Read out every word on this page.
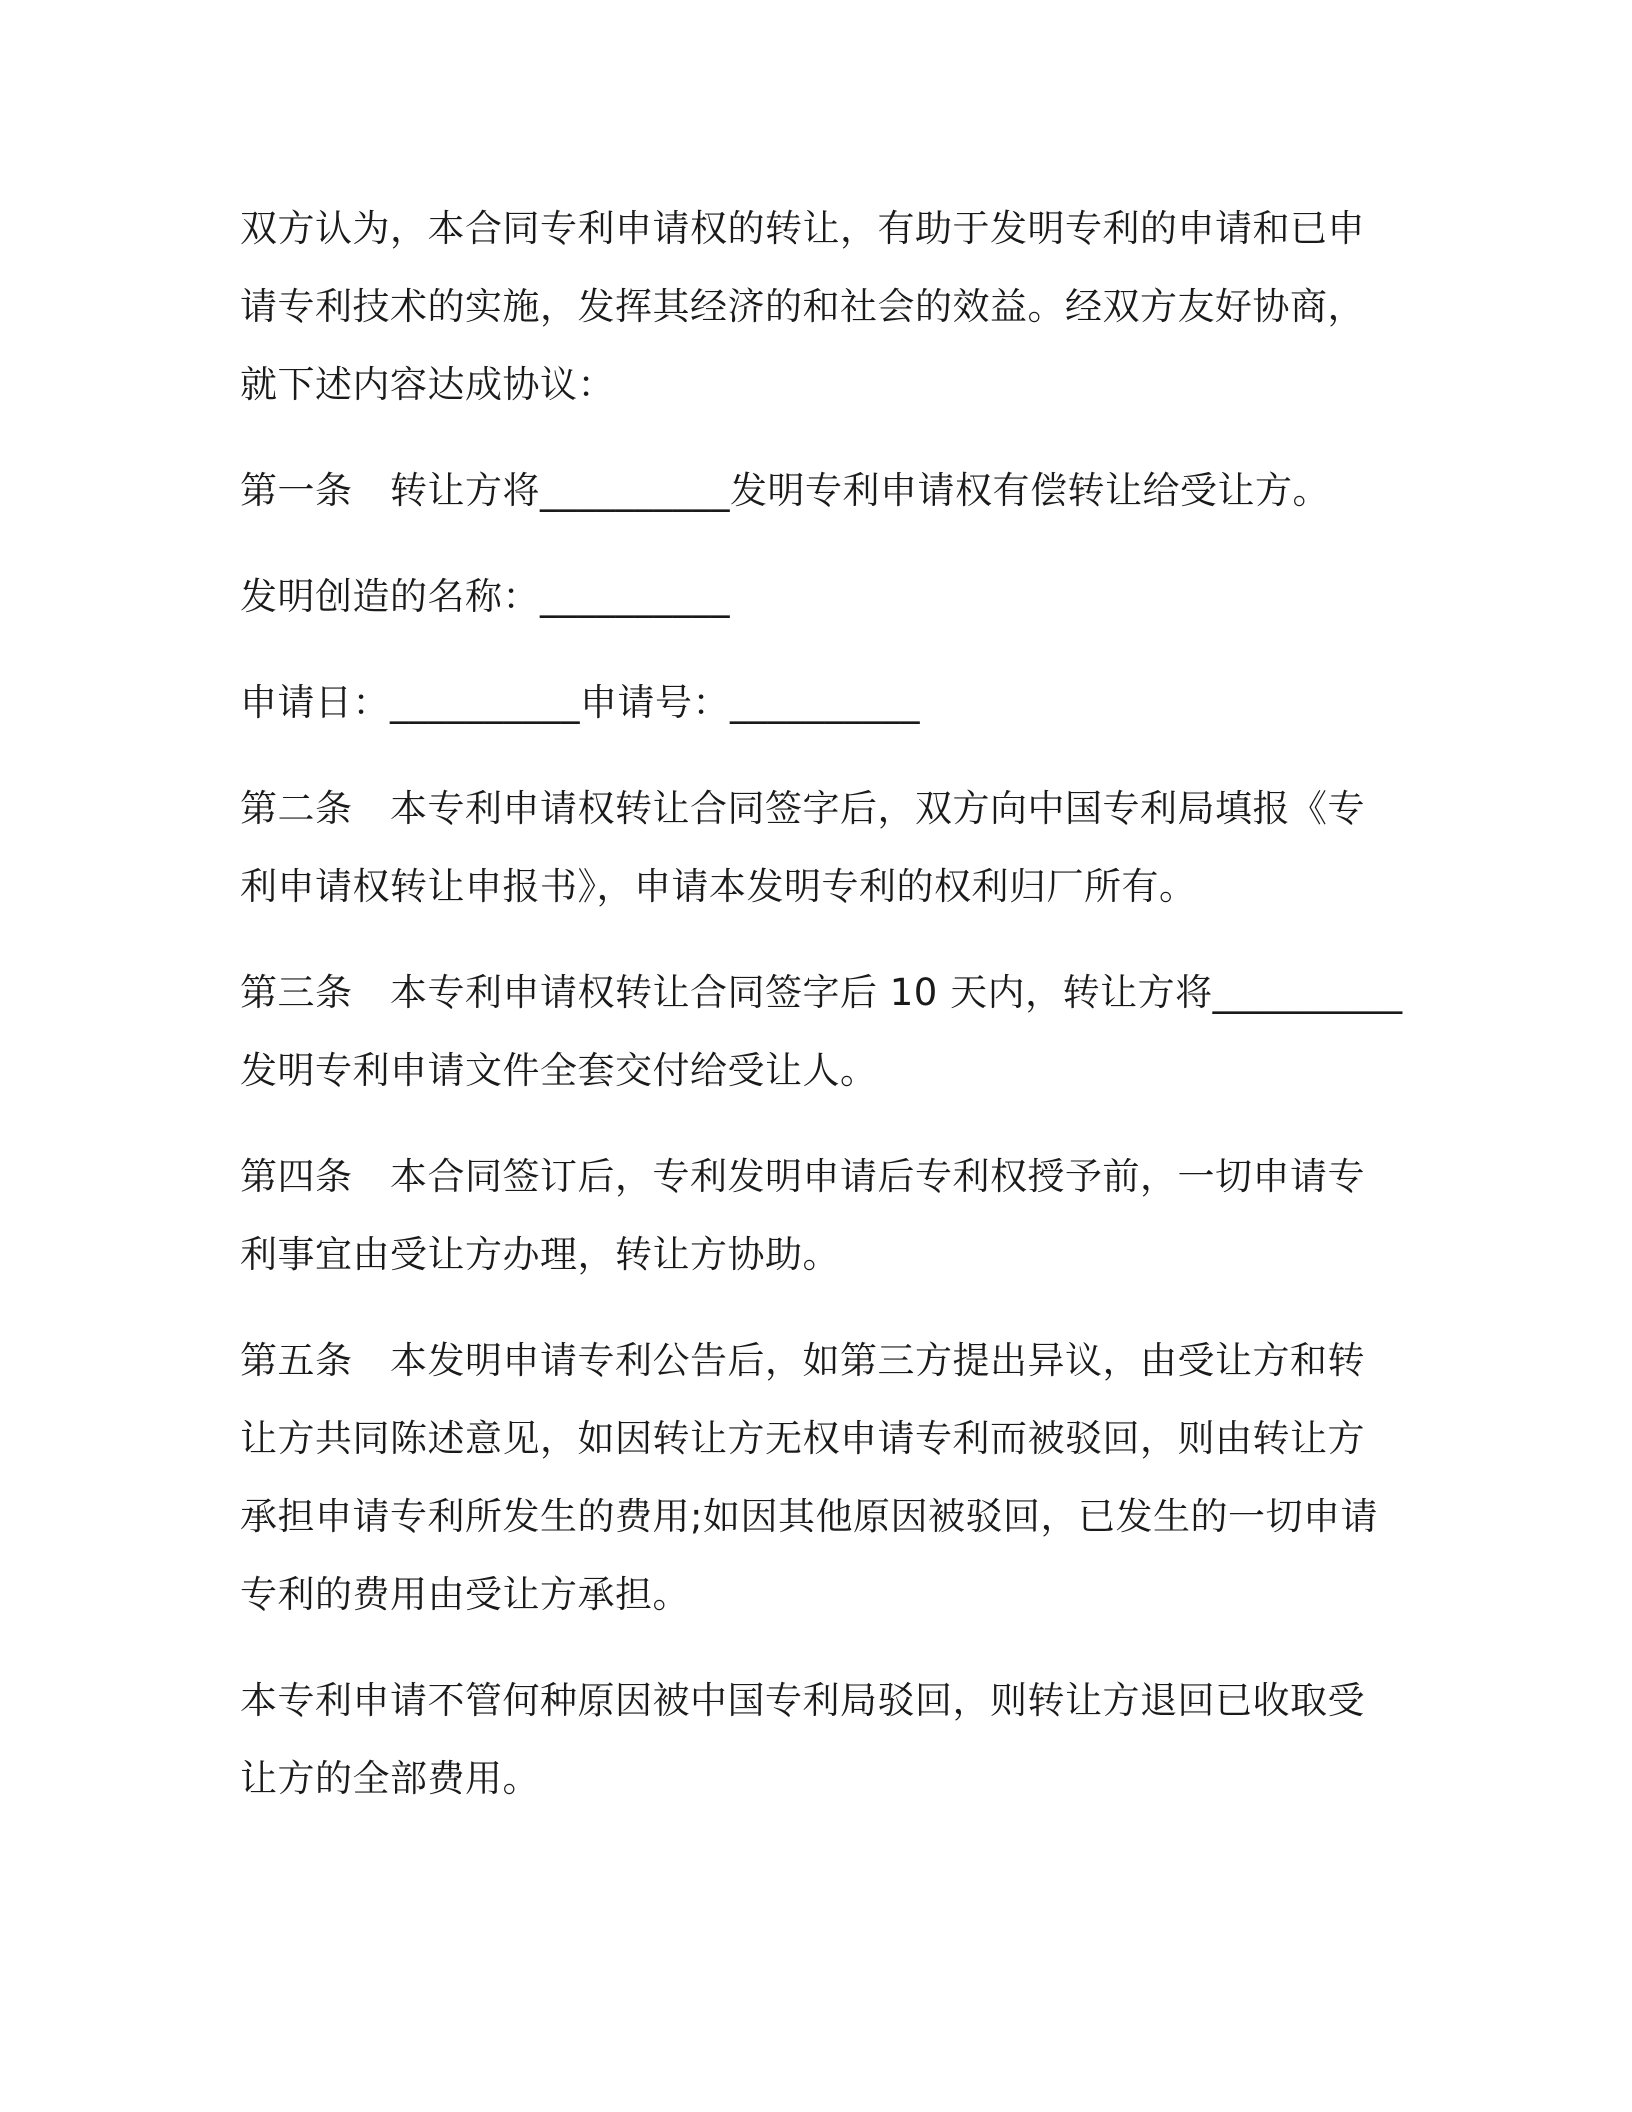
双方认为，本合同专利申请权的转让，有助于发明专利的申请和已申
请专利技术的实施，发挥其经济的和社会的效益。经双方友好协商，
就下述内容达成协议：

第一条　转让方将__________发明专利申请权有偿转让给受让方。

发明创造的名称：__________

申请日：__________申请号：__________

第二条　本专利申请权转让合同签字后，双方向中国专利局填报《专
利申请权转让申报书》，申请本发明专利的权利归厂所有。

第三条　本专利申请权转让合同签字后 10 天内，转让方将__________
发明专利申请文件全套交付给受让人。

第四条　本合同签订后，专利发明申请后专利权授予前，一切申请专
利事宜由受让方办理，转让方协助。

第五条　本发明申请专利公告后，如第三方提出异议，由受让方和转
让方共同陈述意见，如因转让方无权申请专利而被驳回，则由转让方
承担申请专利所发生的费用;如因其他原因被驳回，已发生的一切申请
专利的费用由受让方承担。

本专利申请不管何种原因被中国专利局驳回，则转让方退回已收取受
让方的全部费用。
